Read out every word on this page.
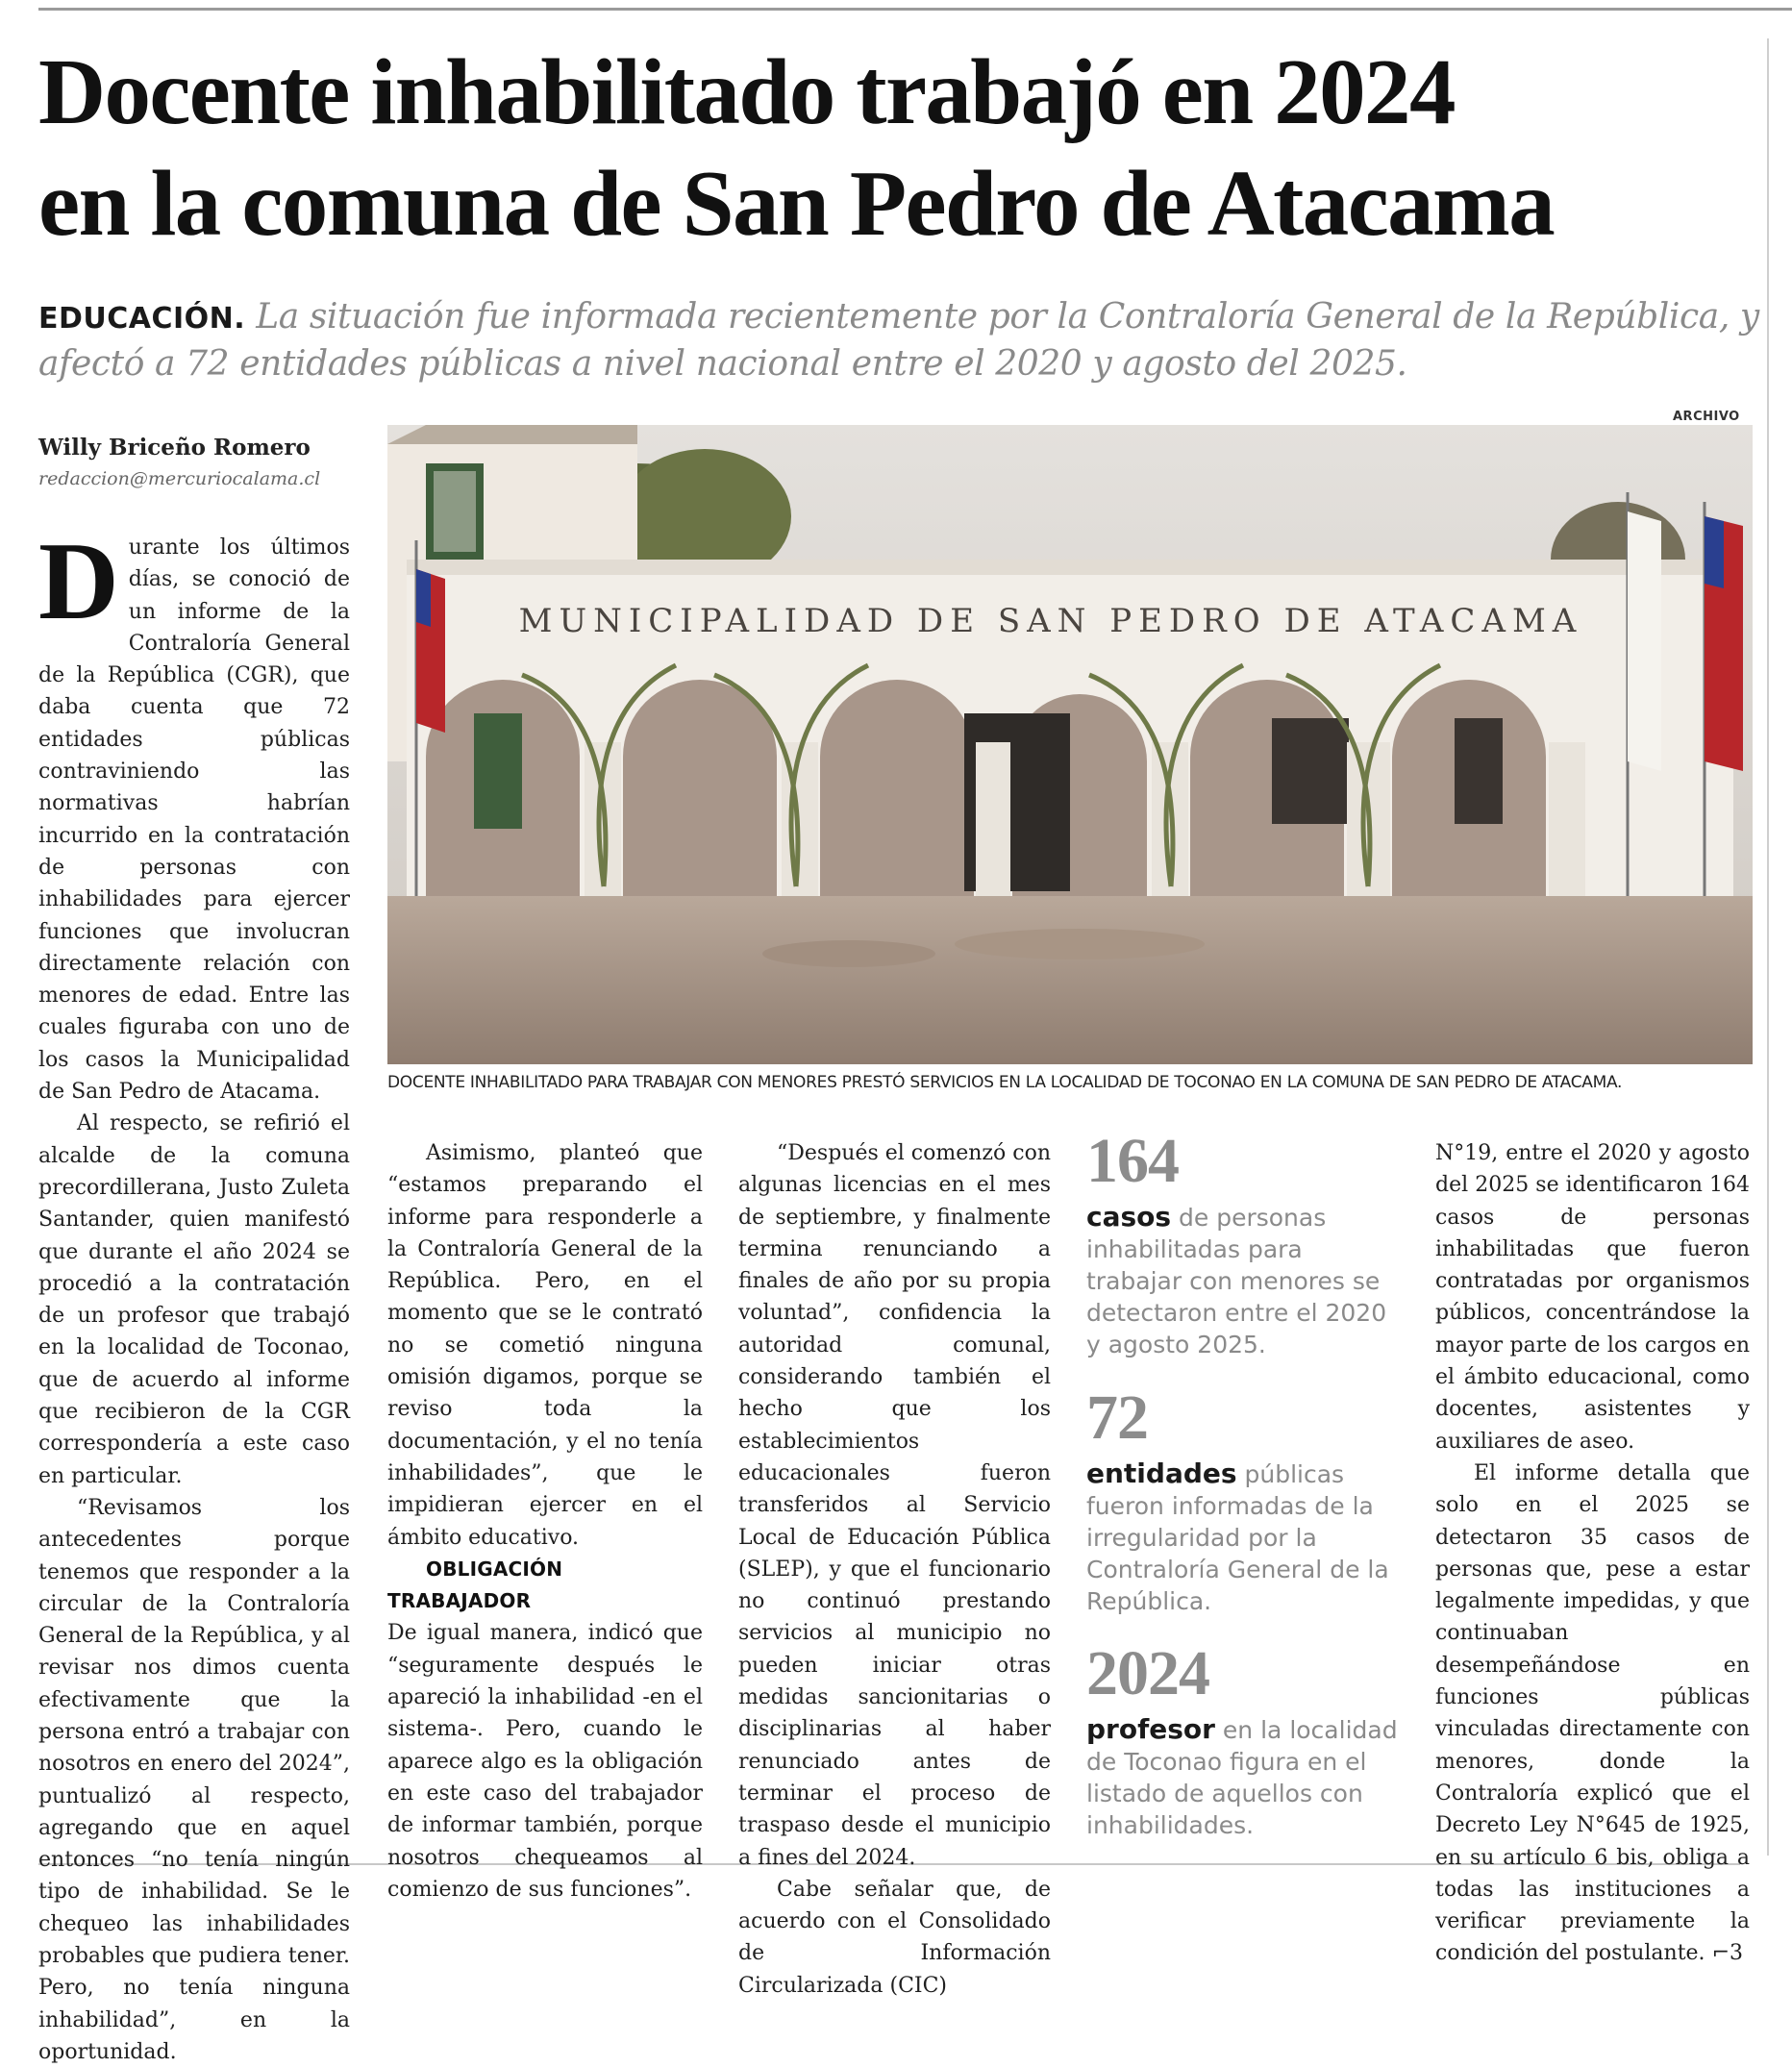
Docente inhabilitado trabajó en 2024
en la comuna de San Pedro de Atacama
EDUCACIÓN. La situación fue informada recientemente por la Contraloría General de la República, y
afectó a 72 entidades públicas a nivel nacional entre el 2020 y agosto del 2025.
Willy Briceño Romero
redaccion@mercuriocalama.cl
ARCHIVO
MUNICIPALIDAD DE SAN PEDRO DE ATACAMA
DOCENTE INHABILITADO PARA TRABAJAR CON MENORES PRESTÓ SERVICIOS EN LA LOCALIDAD DE TOCONAO EN LA COMUNA DE SAN PEDRO DE ATACAMA.

Durante los últimos días, se conoció de un informe de la Contraloría General de la República (CGR), que daba cuenta que 72 entidades públicas contraviniendo las normativas habrían incurrido en la contratación de personas con inhabilidades para ejercer funciones que involucran directamente relación con menores de edad. Entre las cuales figuraba con uno de los casos la Municipalidad de San Pedro de Atacama.

Al respecto, se refirió el alcalde de la comuna precordillerana, Justo Zuleta Santander, quien manifestó que durante el año 2024 se procedió a la contratación de un profesor que trabajó en la localidad de Toconao, que de acuerdo al informe que recibieron de la CGR correspondería a este caso en particular.

“Revisamos los antecedentes porque tenemos que responder a la circular de la Contraloría General de la República, y al revisar nos dimos cuenta efectivamente que la persona entró a trabajar con nosotros en enero del 2024”, puntualizó al respecto, agregando que en aquel entonces “no tenía ningún tipo de inhabilidad. Se le chequeo las inhabilidades probables que pudiera tener. Pero, no tenía ninguna inhabilidad”, en la oportunidad.

Asimismo, planteó que “estamos preparando el informe para responderle a la Contraloría General de la República. Pero, en el momento que se le contrató no se cometió ninguna omisión digamos, porque se reviso toda la documentación, y el no tenía inhabilidades”, que le impidieran ejercer en el ámbito educativo.

OBLIGACIÓN TRABAJADOR

De igual manera, indicó que “seguramente después le apareció la inhabilidad -en el sistema-. Pero, cuando le aparece algo es la obligación en este caso del trabajador de informar también, porque nosotros chequeamos al comienzo de sus funciones”.

“Después el comenzó con algunas licencias en el mes de septiembre, y finalmente termina renunciando a finales de año por su propia voluntad”, confidencia la autoridad comunal, considerando también el hecho que los establecimientos educacionales fueron transferidos al Servicio Local de Educación Pública (SLEP), y que el funcionario no continuó prestando servicios al municipio no pueden iniciar otras medidas sancionitarias o disciplinarias al haber renunciado antes de terminar el proceso de traspaso desde el municipio a fines del 2024.

Cabe señalar que, de acuerdo con el Consolidado de Información Circularizada (CIC)

164
casos de personas inhabilitadas para trabajar con menores se detectaron entre el 2020 y agosto 2025.
72
entidades públicas fueron informadas de la irregularidad por la Contraloría General de la República.
2024
profesor en la localidad de Toconao figura en el listado de aquellos con inhabilidades.

N°19, entre el 2020 y agosto del 2025 se identificaron 164 casos de personas inhabilitadas que fueron contratadas por organismos públicos, concentrándose la mayor parte de los cargos en el ámbito educacional, como docentes, asistentes y auxiliares de aseo.

El informe detalla que solo en el 2025 se detectaron 35 casos de personas que, pese a estar legalmente impedidas, y que continuaban desempeñándose en funciones públicas vinculadas directamente con menores, donde la Contraloría explicó que el Decreto Ley N°645 de 1925, en su artículo 6 bis, obliga a todas las instituciones a verificar previamente la condición del postulante. ⌐3
